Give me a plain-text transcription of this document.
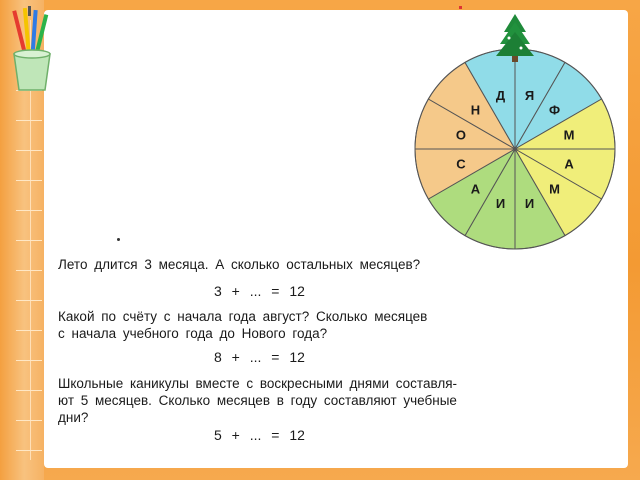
Я
Ф
М
А
М
И
И
А
С
О
Н
Д
Лето длится 3 месяца. А сколько остальных месяцев?
3 + ... = 12
Какой по счёту с начала года август? Сколько месяцев
с начала учебного года до Нового года?
8 + ... = 12
Школьные каникулы вместе с воскресными днями составля-
ют 5 месяцев. Сколько месяцев в году составляют учебные
дни?
5 + ... = 12
